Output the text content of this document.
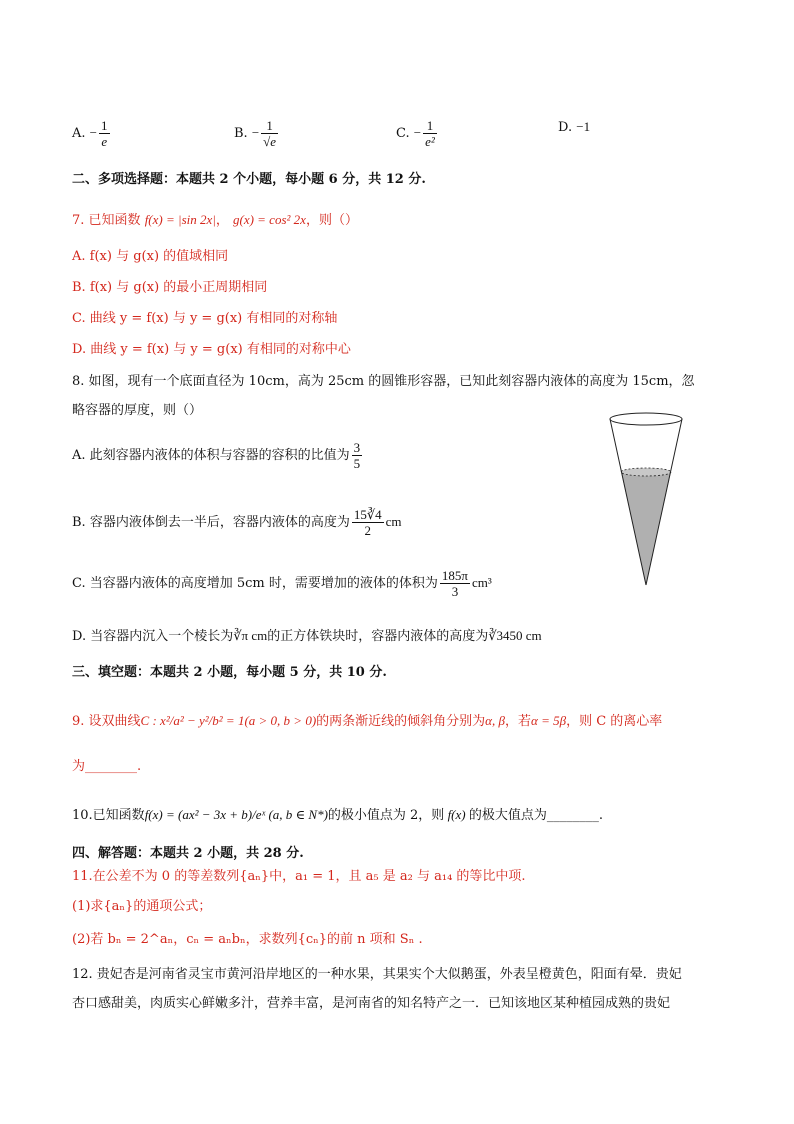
A. − $\frac{1}{e}$	B. − $\frac{1}{√e}$	C. − $\frac{1}{\text{e²}}$	D. −1
二、多项选择题：本题共 2 个小题，每小题 6 分，共 12 分.
7. 已知函数 f(x) = |sin 2x|， g(x) = cos² 2x，则（）
A. f(x) 与 g(x) 的值域相同
B. f(x) 与 g(x) 的最小正周期相同
C. 曲线 y = f(x) 与 y = g(x) 有相同的对称轴
D. 曲线 y = f(x) 与 y = g(x) 有相同的对称中心
8. 如图，现有一个底面直径为 10cm，高为 25cm 的圆锥形容器，已知此刻容器内液体的高度为 15cm，忽
略容器的厚度，则（）
A. 此刻容器内液体的体积与容器的容积的比值为 $\frac{3}{5}$
B. 容器内液体倒去一半后，容器内液体的高度为 $\frac{15∛4}{2}$ cm
C. 当容器内液体的高度增加 5cm 时，需要增加的液体的体积为 $\frac{185\pi}{3} cm^3$
D. 当容器内沉入一个棱长为∛π cm的正方体铁块时，容器内液体的高度为∛3450 cm
三、填空题：本题共 2 小题，每小题 5 分，共 10 分.
9. 设双曲线C : x²/a² − y²/b² = 1(a > 0, b > 0)的两条渐近线的倾斜角分别为α, β，若α = 5β，则 C 的离心率
为________.
10.已知函数f(x) = (ax² − 3x + b)/eˣ (a, b ∈ N*)的极小值点为 2，则 f(x) 的极大值点为________.
四、解答题：本题共 2 小题，共 28 分.
11.在公差不为 0 的等差数列{aₙ}中，a₁ = 1，且 a₅ 是 a₂ 与 a₁₄ 的等比中项.
(1)求{aₙ}的通项公式；
(2)若 bₙ = 2^aₙ，cₙ = aₙbₙ，求数列{cₙ}的前 n 项和 Sₙ .
12. 贵妃杏是河南省灵宝市黄河沿岸地区的一种水果，其果实个大似鹅蛋，外表呈橙黄色，阳面有晕．贵妃
杏口感甜美，肉质实心鲜嫩多汁，营养丰富，是河南省的知名特产之一．已知该地区某种植园成熟的贵妃
